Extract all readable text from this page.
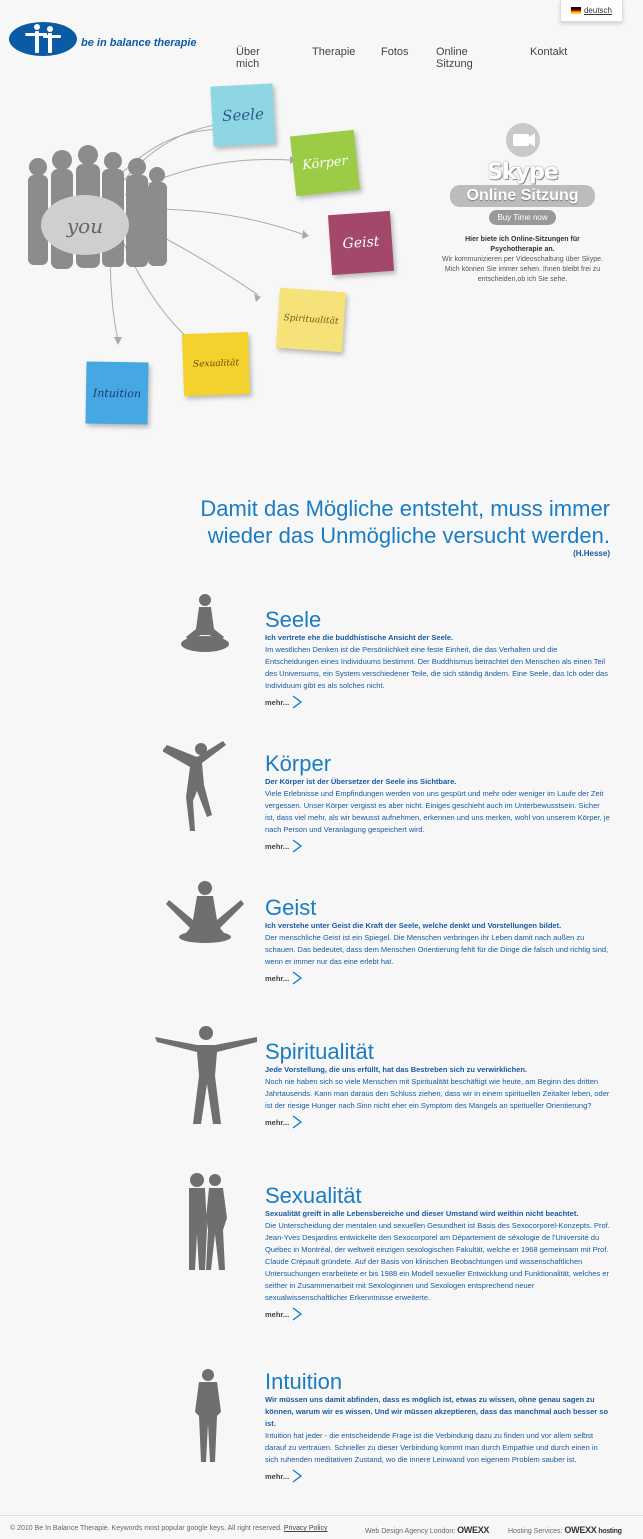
deutsch
be in balance therapie
Über mich
Therapie Fotos Online Sitzung
Kontakt
you
Seele
Körper
Geist
Spiritualität
Sexualität
Intuition
Skype
Online Sitzung
Buy Time now
Hier biete ich Online-Sitzungen für Psychotherapie an.
Wir kommunizieren per Videoschaltung über Skype. Mich können Sie immer sehen. Ihnen bleibt frei zu entscheiden,ob ich Sie sehe.
Damit das Mögliche entsteht, muss immer wieder das Unmögliche versucht werden.
(H.Hesse)
Seele
Ich vertrete ehe die buddhistische Ansicht der Seele.
Im westlichen Denken ist die Persönlichkeit eine feste Einheit, die das Verhalten und die Entscheidungen eines Individuums bestimmt. Der Buddhismus betrachtet den Menschen als einen Teil des Universums, ein System verschiedener Teile, die sich ständig ändern. Eine Seele, das Ich oder das Individuum gibt es als solches nicht.
mehr...
Körper
Der Körper ist der Übersetzer der Seele ins Sichtbare.
Viele Erlebnisse und Empfindungen werden von uns gespürt und mehr oder weniger im Laufe der Zeit vergessen. Unser Körper vergisst es aber nicht. Einiges geschieht auch im Unterbewusstsein. Sicher ist, dass viel mehr, als wir bewusst aufnehmen, erkennen und uns merken, wohl von unserem Körper, je nach Person und Veranlagung gespeichert wird.
mehr...
Geist
Ich verstehe unter Geist die Kraft der Seele, welche denkt und Vorstellungen bildet.
Der menschliche Geist ist ein Spiegel. Die Menschen verbringen ihr Leben damit nach außen zu schauen. Das bedeutet, dass dem Menschen Orientierung fehlt für die Dinge die falsch und richtig sind, wenn er immer nur das eine erlebt hat.
mehr...
Spiritualität
Jede Vorstellung, die uns erfüllt, hat das Bestreben sich zu verwirklichen.
Noch nie haben sich so viele Menschen mit Spiritualität beschäftigt wie heute, am Beginn des dritten Jahrtausends. Kann man daraus den Schluss ziehen, dass wir in einem spirituellen Zeitalter leben, oder ist der riesige Hunger nach Sinn nicht eher ein Symptom des Mangels an spiritueller Orientierung?
mehr...
Sexualität
Sexualität greift in alle Lebensbereiche und dieser Umstand wird weithin nicht beachtet.
Die Unterscheidung der mentalen und sexuellen Gesundheit ist Basis des Sexocorporel-Konzepts. Prof. Jean-Yves Desjardins entwickelte den Sexocorporel am Département de séxologie de l'Université du Québec in Montréal, der weltweit einzigen sexologischen Fakultät, welche er 1968 gemeinsam mit Prof. Claude Crépault gründete. Auf der Basis von klinischen Beobachtungen und wissenschaftlichen Untersuchungen erarbeitete er bis 1988 ein Modell sexueller Entwicklung und Funktionalität, welches er seither in Zusammenarbeit mit Sexologinnen und Sexologen entsprechend neuer sexualwissenschaftlicher Erkenntnisse erweiterte.
mehr...
Intuition
Wir müssen uns damit abfinden, dass es möglich ist, etwas zu wissen, ohne genau sagen zu können, warum wir es wissen. Und wir müssen akzeptieren, dass das manchmal auch besser so ist.
Intuition hat jeder - die entscheidende Frage ist die Verbindung dazu zu finden und vor allem selbst darauf zu vertrauen. Schneller zu dieser Verbindung kommt man durch Empathie und durch einen in sich ruhenden meditativen Zustand, wo die innere Leinwand von eigenem Problem sauber ist.
mehr...
© 2010 Be In Balance Therapie. Keywords most popular google keys. All right reserved. Privacy Policy	Web Design Agency London: OWEXX	Hosting Services: OWEXX hosting
